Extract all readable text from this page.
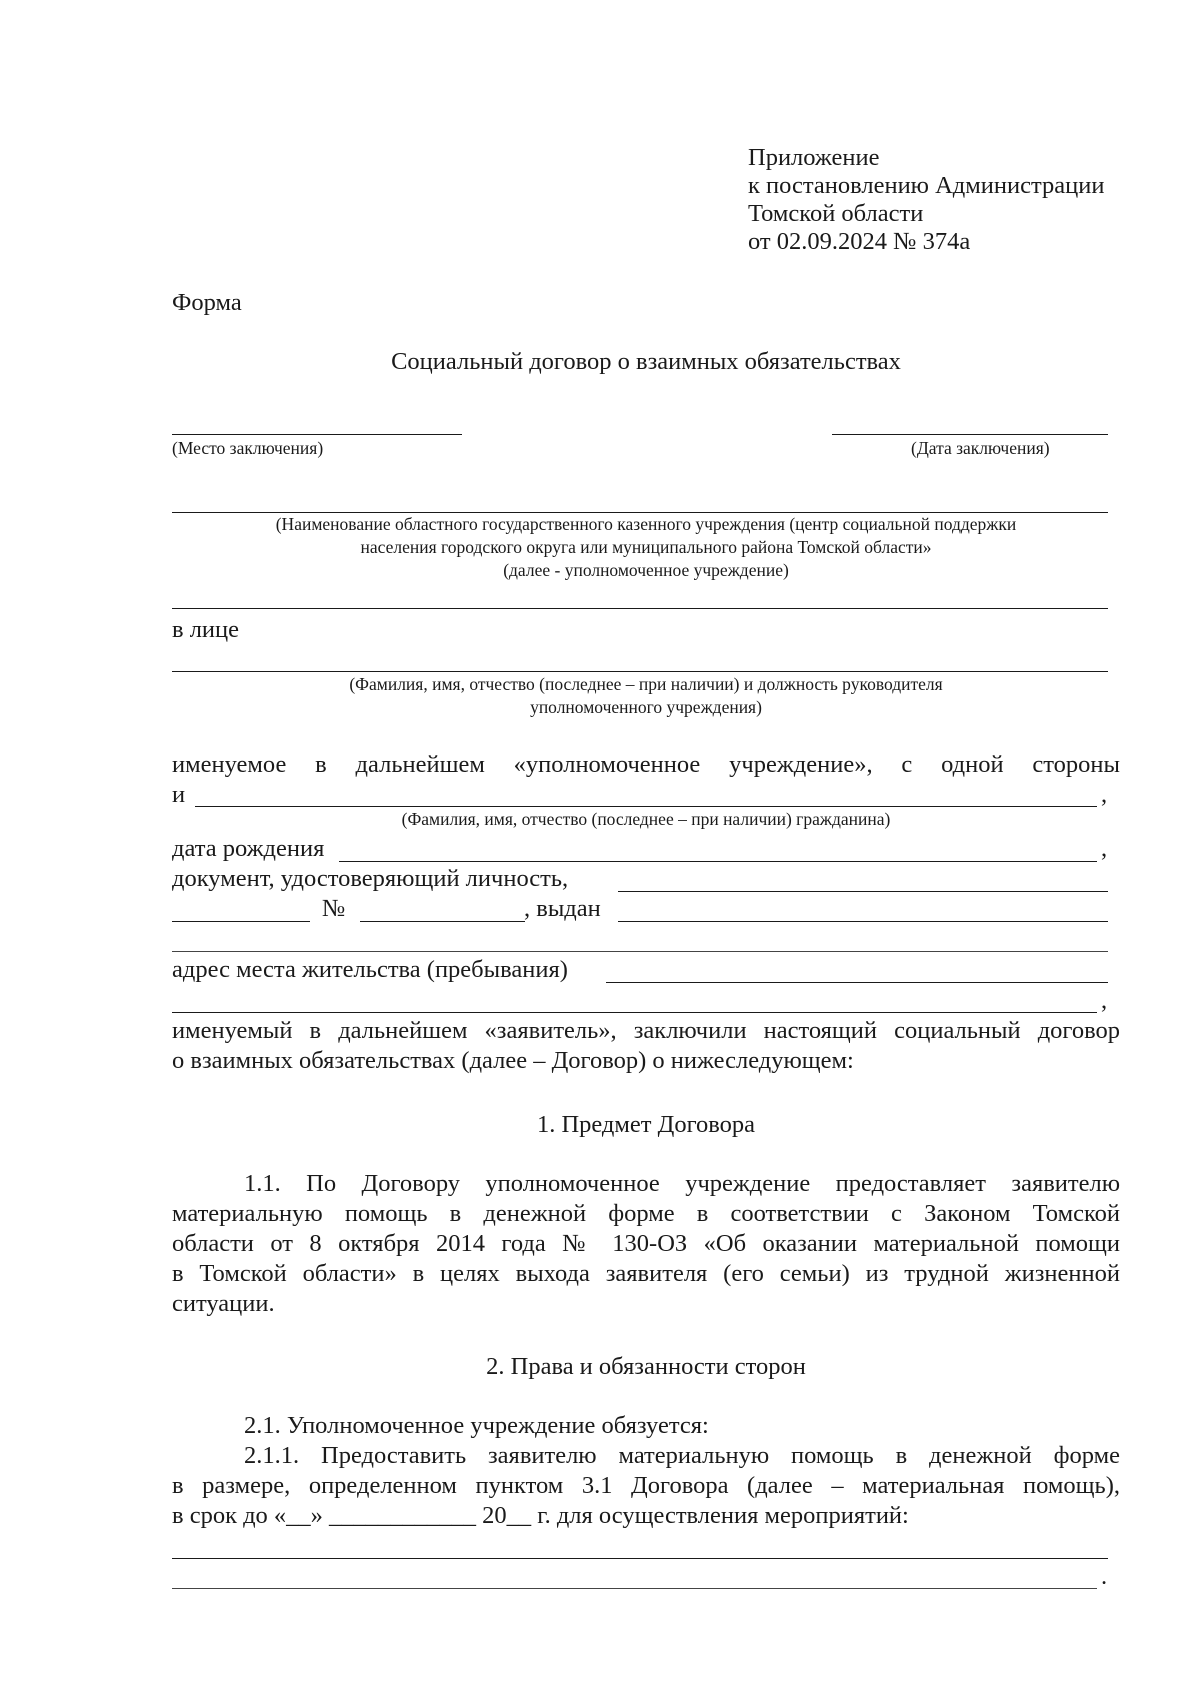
Приложение
к постановлению Администрации
Томской области
от 02.09.2024 № 374а
Форма
Социальный договор о взаимных обязательствах
(Место заключения)	(Дата заключения)
(Наименование областного государственного казенного учреждения (центр социальной поддержки
населения городского округа или муниципального района Томской области»
(далее - уполномоченное учреждение)
в лице
(Фамилия, имя, отчество (последнее – при наличии) и должность руководителя
уполномоченного учреждения)
именуемое в дальнейшем «уполномоченное учреждение», с одной стороны
и	,
(Фамилия, имя, отчество (последнее – при наличии) гражданина)
дата рождения	,
документ, удостоверяющий личность,
№	, выдан
адрес места жительства (пребывания)
,
именуемый в дальнейшем «заявитель», заключили настоящий социальный договор
о взаимных обязательствах (далее – Договор) о нижеследующем:
1. Предмет Договора
1.1. По Договору уполномоченное учреждение предоставляет заявителю
материальную помощь в денежной форме в соответствии с Законом Томской
области от 8 октября 2014 года № 130-ОЗ «Об оказании материальной помощи
в Томской области» в целях выхода заявителя (его семьи) из трудной жизненной
ситуации.
2. Права и обязанности сторон
2.1. Уполномоченное учреждение обязуется:
2.1.1. Предоставить заявителю материальную помощь в денежной форме
в размере, определенном пунктом 3.1 Договора (далее – материальная помощь),
в срок до «__» ____________ 20__ г. для осуществления мероприятий:
.
